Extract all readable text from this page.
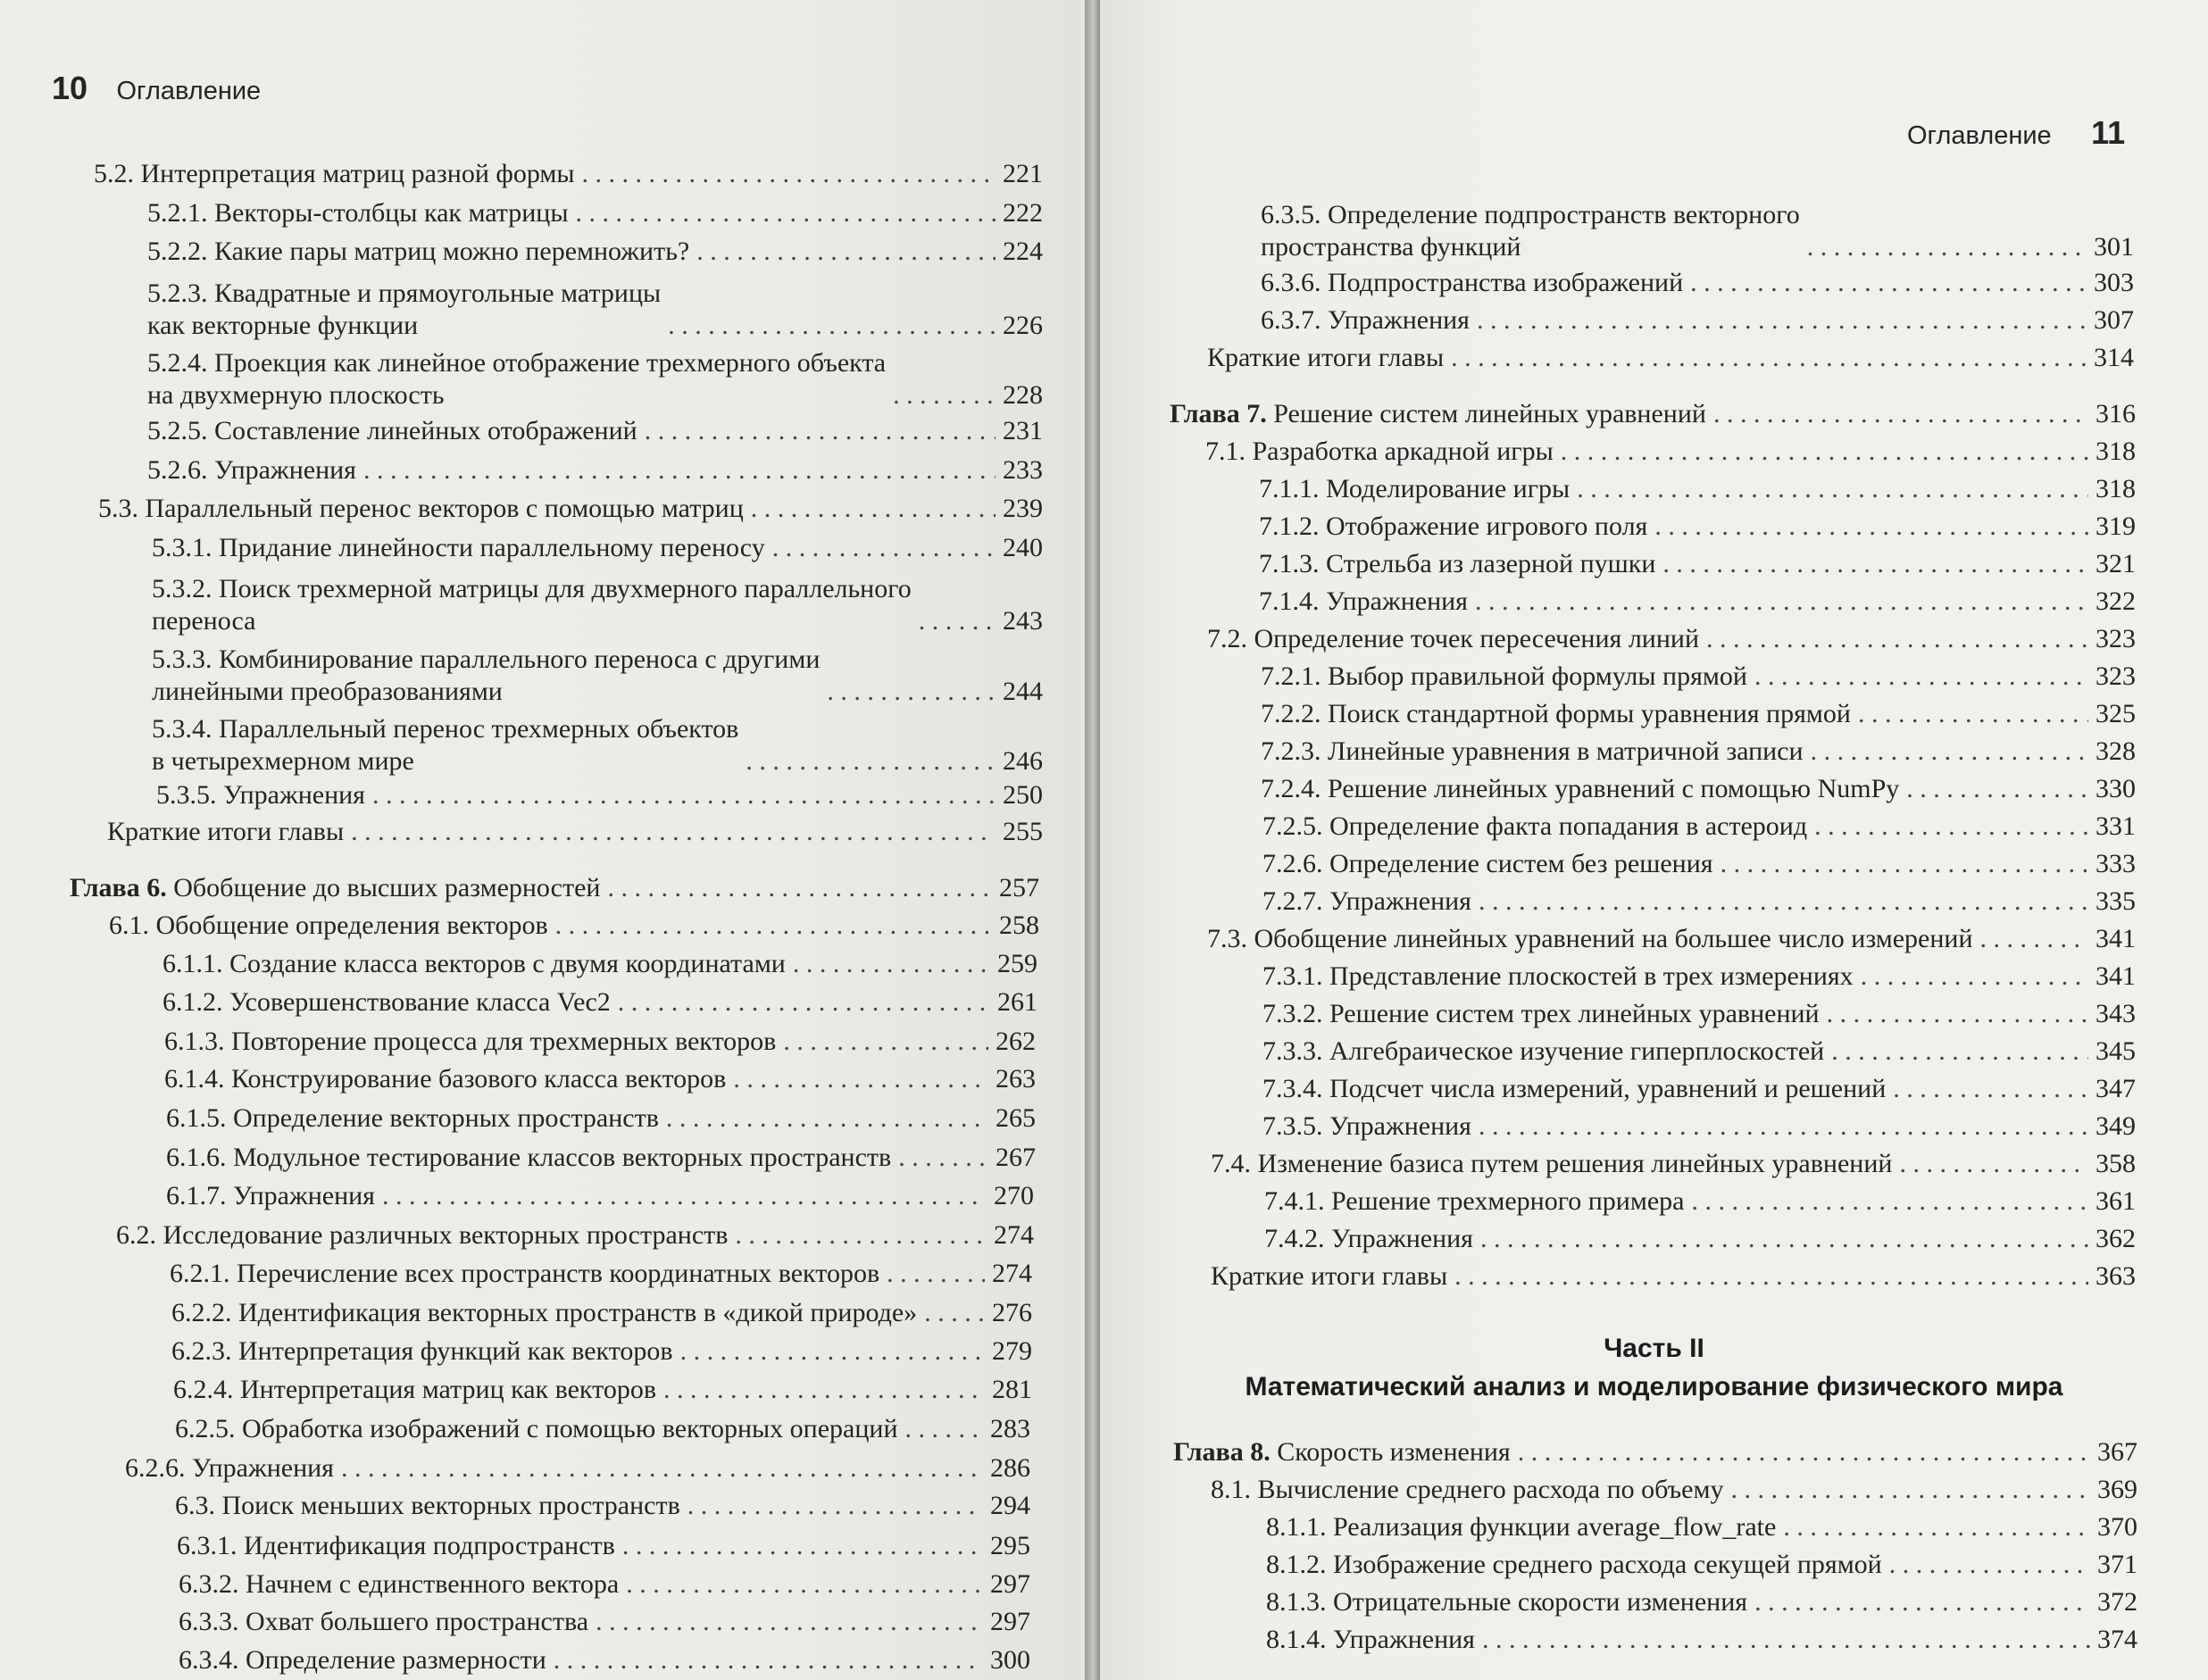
10 Оглавление
Оглавление 11
5.2. Интерпретация матриц разной формы . . .	221
5.2.1. Векторы-столбцы как матрицы . . .	222
5.2.2. Какие пары матриц можно перемножить? . . .	224
5.2.3. Квадратные и прямоугольные матрицы
как векторные функции . . .	226
5.2.4. Проекция как линейное отображение трехмерного объекта
на двухмерную плоскость . . .	228
5.2.5. Составление линейных отображений . . .	231
5.2.6. Упражнения . . .	233
5.3. Параллельный перенос векторов с помощью матриц . . .	239
5.3.1. Придание линейности параллельному переносу . . .	240
5.3.2. Поиск трехмерной матрицы для двухмерного параллельного
переноса . . .	243
5.3.3. Комбинирование параллельного переноса с другими
линейными преобразованиями . . .	244
5.3.4. Параллельный перенос трехмерных объектов
в четырехмерном мире . . .	246
5.3.5. Упражнения . . .	250
Краткие итоги главы . . .	255
Глава 6. Обобщение до высших размерностей . . .	257
6.1. Обобщение определения векторов . . .	258
6.1.1. Создание класса векторов с двумя координатами . . .	259
6.1.2. Усовершенствование класса Vec2 . . .	261
6.1.3. Повторение процесса для трехмерных векторов . . .	262
6.1.4. Конструирование базового класса векторов . . .	263
6.1.5. Определение векторных пространств . . .	265
6.1.6. Модульное тестирование классов векторных пространств . . .	267
6.1.7. Упражнения . . .	270
6.2. Исследование различных векторных пространств . . .	274
6.2.1. Перечисление всех пространств координатных векторов . . .	274
6.2.2. Идентификация векторных пространств в «дикой природе» . . .	276
6.2.3. Интерпретация функций как векторов . . .	279
6.2.4. Интерпретация матриц как векторов . . .	281
6.2.5. Обработка изображений с помощью векторных операций . . .	283
6.2.6. Упражнения . . .	286
6.3. Поиск меньших векторных пространств . . .	294
6.3.1. Идентификация подпространств . . .	295
6.3.2. Начнем с единственного вектора . . .	297
6.3.3. Охват большего пространства . . .	297
6.3.4. Определение размерности . . .	300
6.3.5. Определение подпространств векторного
пространства функций . . .	301
6.3.6. Подпространства изображений . . .	303
6.3.7. Упражнения . . .	307
Краткие итоги главы . . .	314
Глава 7. Решение систем линейных уравнений . . .	316
7.1. Разработка аркадной игры . . .	318
7.1.1. Моделирование игры . . .	318
7.1.2. Отображение игрового поля . . .	319
7.1.3. Стрельба из лазерной пушки . . .	321
7.1.4. Упражнения . . .	322
7.2. Определение точек пересечения линий . . .	323
7.2.1. Выбор правильной формулы прямой . . .	323
7.2.2. Поиск стандартной формы уравнения прямой . . .	325
7.2.3. Линейные уравнения в матричной записи . . .	328
7.2.4. Решение линейных уравнений с помощью NumPy . . .	330
7.2.5. Определение факта попадания в астероид . . .	331
7.2.6. Определение систем без решения . . .	333
7.2.7. Упражнения . . .	335
7.3. Обобщение линейных уравнений на большее число измерений . . .	341
7.3.1. Представление плоскостей в трех измерениях . . .	341
7.3.2. Решение систем трех линейных уравнений . . .	343
7.3.3. Алгебраическое изучение гиперплоскостей . . .	345
7.3.4. Подсчет числа измерений, уравнений и решений . . .	347
7.3.5. Упражнения . . .	349
7.4. Изменение базиса путем решения линейных уравнений . . .	358
7.4.1. Решение трехмерного примера . . .	361
7.4.2. Упражнения . . .	362
Краткие итоги главы . . .	363
Глава 8. Скорость изменения . . .	367
8.1. Вычисление среднего расхода по объему . . .	369
8.1.1. Реализация функции average_flow_rate . . .	370
8.1.2. Изображение среднего расхода секущей прямой . . .	371
8.1.3. Отрицательные скорости изменения . . .	372
8.1.4. Упражнения . . .	374
Часть II
Математический анализ и моделирование физического мира
